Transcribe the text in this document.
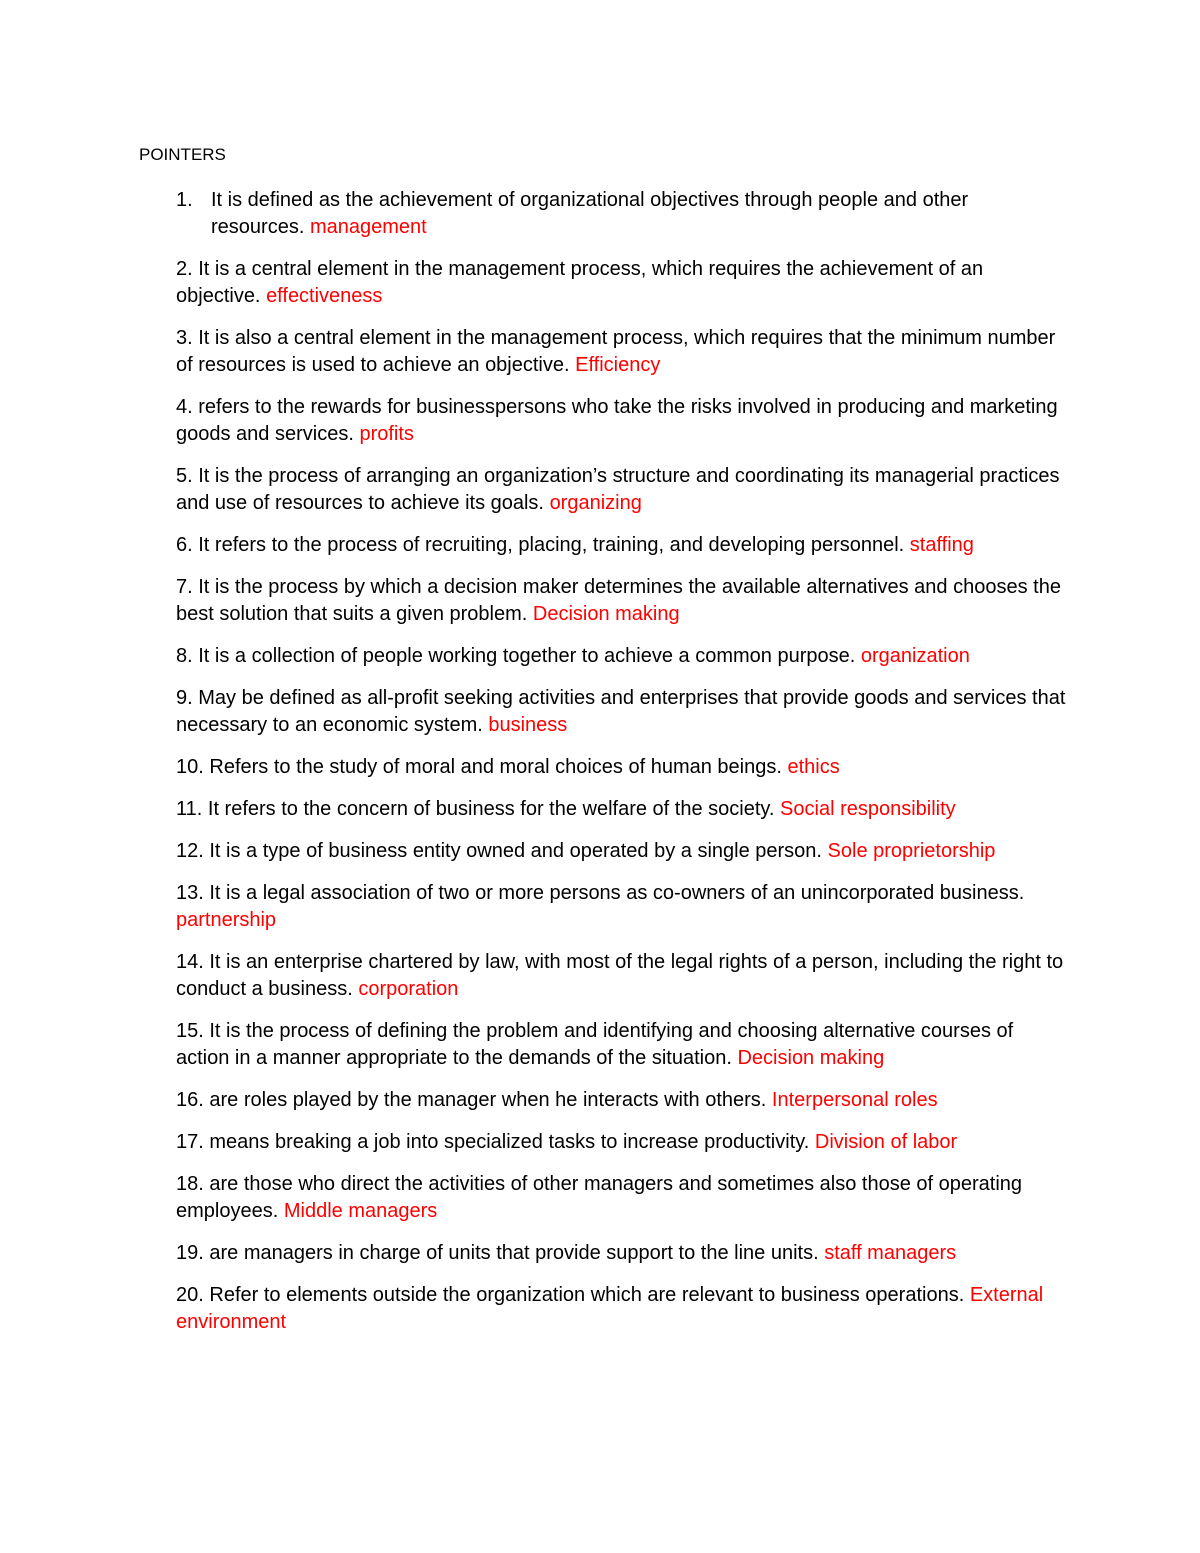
POINTERS
1. It is defined as the achievement of organizational objectives through people and other resources. management
2. It is a central element in the management process, which requires the achievement of an objective. effectiveness
3. It is also a central element in the management process, which requires that the minimum number of resources is used to achieve an objective. Efficiency
4. refers to the rewards for businesspersons who take the risks involved in producing and marketing goods and services. profits
5. It is the process of arranging an organization’s structure and coordinating its managerial practices and use of resources to achieve its goals. organizing
6. It refers to the process of recruiting, placing, training, and developing personnel. staffing
7. It is the process by which a decision maker determines the available alternatives and chooses the best solution that suits a given problem. Decision making
8. It is a collection of people working together to achieve a common purpose. organization
9. May be defined as all-profit seeking activities and enterprises that provide goods and services that necessary to an economic system. business
10. Refers to the study of moral and moral choices of human beings. ethics
11. It refers to the concern of business for the welfare of the society. Social responsibility
12. It is a type of business entity owned and operated by a single person. Sole proprietorship
13. It is a legal association of two or more persons as co-owners of an unincorporated business. partnership
14. It is an enterprise chartered by law, with most of the legal rights of a person, including the right to conduct a business. corporation
15. It is the process of defining the problem and identifying and choosing alternative courses of action in a manner appropriate to the demands of the situation. Decision making
16. are roles played by the manager when he interacts with others. Interpersonal roles
17. means breaking a job into specialized tasks to increase productivity. Division of labor
18. are those who direct the activities of other managers and sometimes also those of operating employees. Middle managers
19. are managers in charge of units that provide support to the line units. staff managers
20. Refer to elements outside the organization which are relevant to business operations. External environment
